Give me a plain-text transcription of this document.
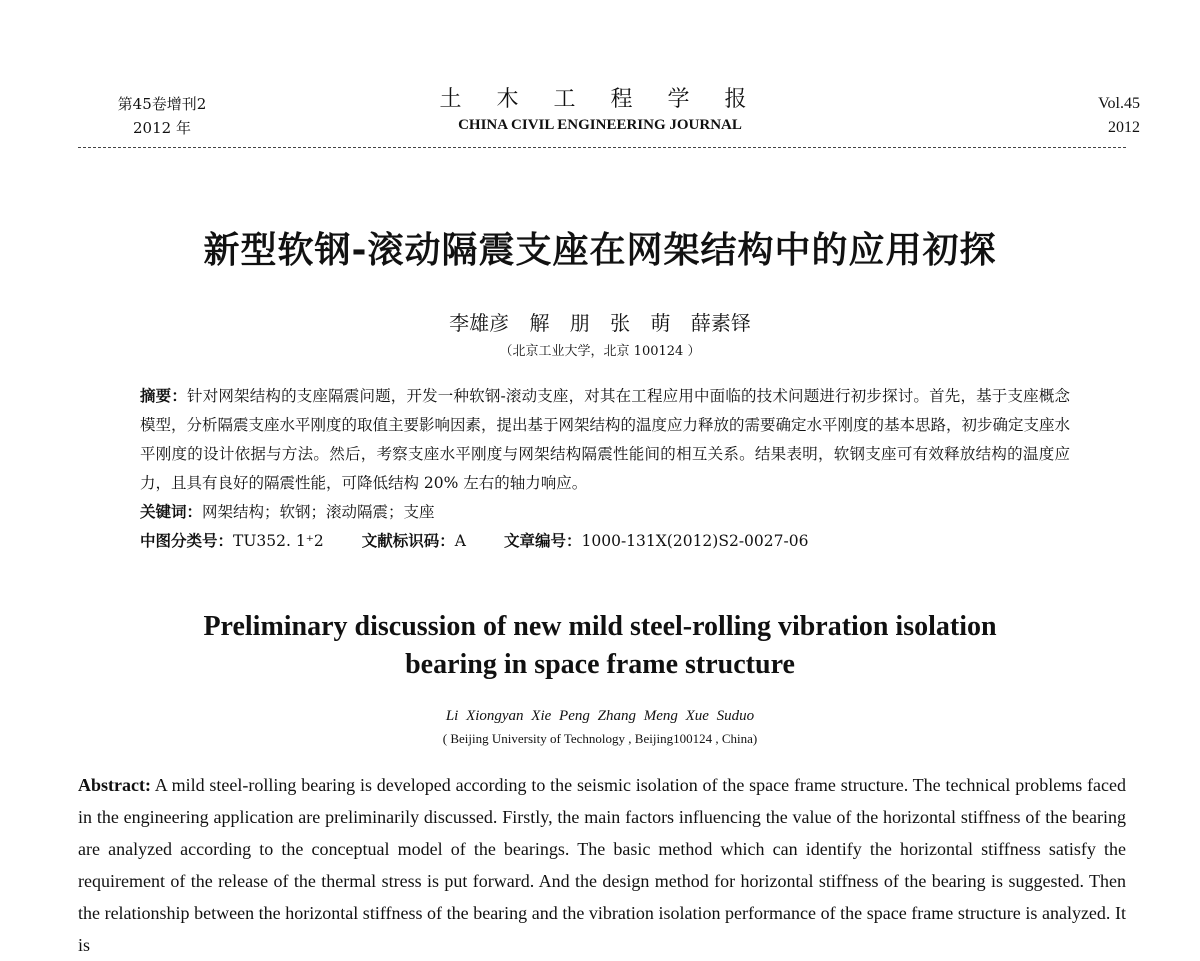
第45卷增刊2
2012 年
土 木 工 程 学 报
CHINA CIVIL ENGINEERING JOURNAL
Vol.45
2012
新型软钢-滚动隔震支座在网架结构中的应用初探
李雄彦 解 朋 张 萌 薛素铎
（北京工业大学，北京 100124 ）

摘要：针对网架结构的支座隔震问题，开发一种软钢-滚动支座，对其在工程应用中面临的技术问题进行初步探讨。首先，基于支座概念模型，分析隔震支座水平刚度的取值主要影响因素，提出基于网架结构的温度应力释放的需要确定水平刚度的基本思路，初步确定支座水平刚度的设计依据与方法。然后，考察支座水平刚度与网架结构隔震性能间的相互关系。结果表明，软钢支座可有效释放结构的温度应力，且具有良好的隔震性能，可降低结构 20% 左右的轴力响应。

关键词：网架结构；软钢；滚动隔震；支座

中图分类号：TU352. 1⁺2 文献标识码：A 文章编号：1000-131X(2012)S2-0027-06

Preliminary discussion of new mild steel-rolling vibration isolation
bearing in space frame structure
Li Xiongyan Xie Peng Zhang Meng Xue Suduo
( Beijing University of Technology , Beijing100124 , China)
Abstract: A mild steel-rolling bearing is developed according to the seismic isolation of the space frame structure. The technical problems faced in the engineering application are preliminarily discussed. Firstly, the main factors influencing the value of the horizontal stiffness of the bearing are analyzed according to the conceptual model of the bearings. The basic method which can identify the horizontal stiffness satisfy the requirement of the release of the thermal stress is put forward. And the design method for horizontal stiffness of the bearing is suggested. Then the relationship between the horizontal stiffness of the bearing and the vibration isolation performance of the space frame structure is analyzed. It is
